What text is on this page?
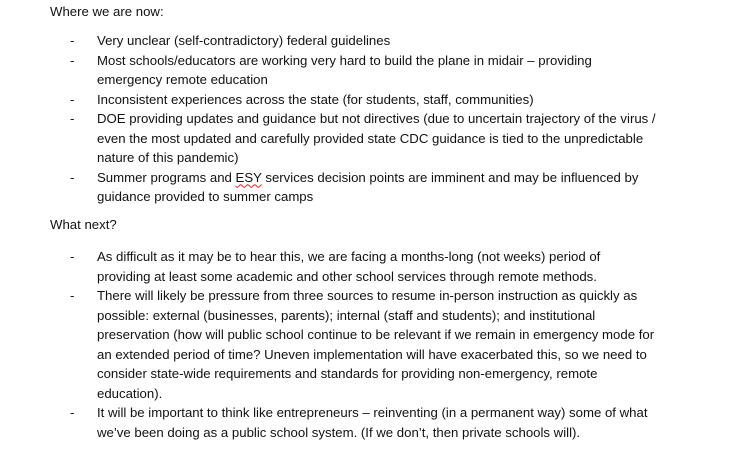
Where we are now:
- Very unclear (self-contradictory) federal guidelines
- Most schools/educators are working very hard to build the plane in midair – providing emergency remote education
- Inconsistent experiences across the state (for students, staff, communities)
- DOE providing updates and guidance but not directives (due to uncertain trajectory of the virus / even the most updated and carefully provided state CDC guidance is tied to the unpredictable nature of this pandemic)
- Summer programs and ESY services decision points are imminent and may be influenced by guidance provided to summer camps
What next?
- As difficult as it may be to hear this, we are facing a months-long (not weeks) period of providing at least some academic and other school services through remote methods.
- There will likely be pressure from three sources to resume in-person instruction as quickly as possible: external (businesses, parents); internal (staff and students); and institutional preservation (how will public school continue to be relevant if we remain in emergency mode for an extended period of time? Uneven implementation will have exacerbated this, so we need to consider state-wide requirements and standards for providing non-emergency, remote education).
- It will be important to think like entrepreneurs – reinventing (in a permanent way) some of what we’ve been doing as a public school system. (If we don’t, then private schools will).
